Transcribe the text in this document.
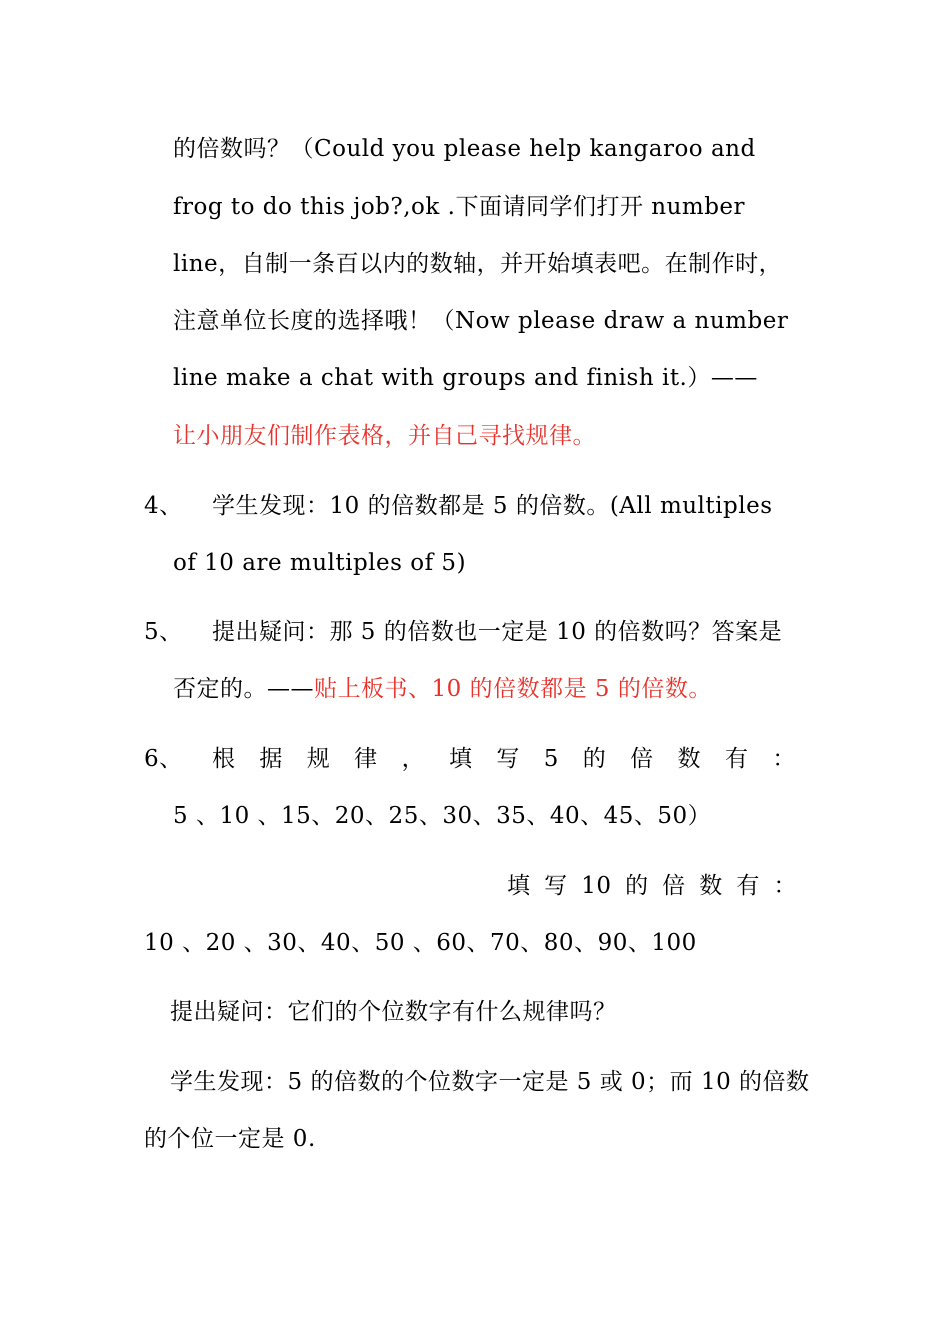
的倍数吗？（Could you please help kangaroo and
frog to do this job?,ok .下面请同学们打开 number
line，自制一条百以内的数轴，并开始填表吧。在制作时，
注意单位长度的选择哦！（Now please draw a number
line make a chat with groups and finish it.）——
让小朋友们制作表格，并自己寻找规律。
4、 学生发现：10 的倍数都是 5 的倍数。(All multiples
of 10 are multiples of 5)
5、 提出疑问：那 5 的倍数也一定是 10 的倍数吗？答案是
否定的。——贴上板书、10 的倍数都是 5 的倍数。
6、 根 据 规 律 ， 填 写 5 的 倍 数 有 ：
5 、10 、15、20、25、30、35、40、45、50）
填 写 10 的 倍 数 有 ：
10 、20 、30、40、50 、60、70、80、90、100
提出疑问：它们的个位数字有什么规律吗？
学生发现：5 的倍数的个位数字一定是 5 或 0；而 10 的倍数
的个位一定是 0.
